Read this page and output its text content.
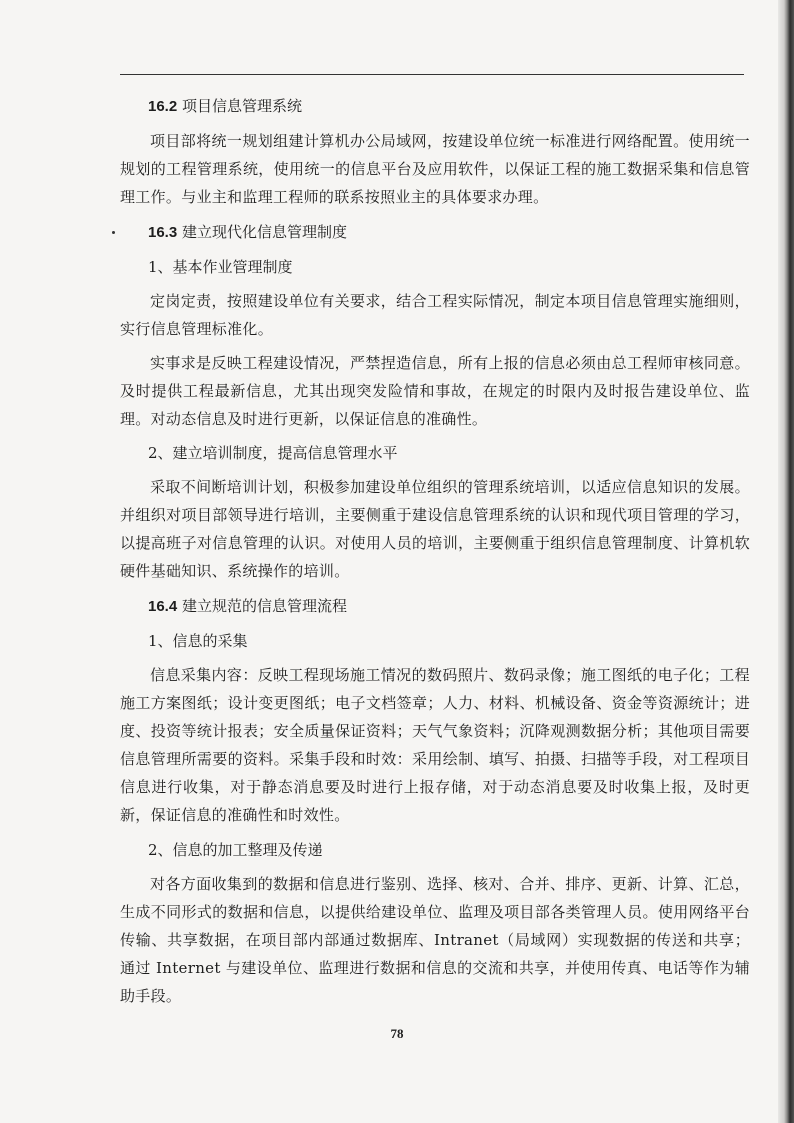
16.2 项目信息管理系统

项目部将统一规划组建计算机办公局域网，按建设单位统一标准进行网络配置。使用统一规划的工程管理系统，使用统一的信息平台及应用软件，以保证工程的施工数据采集和信息管理工作。与业主和监理工程师的联系按照业主的具体要求办理。

16.3 建立现代化信息管理制度

1、基本作业管理制度

定岗定责，按照建设单位有关要求，结合工程实际情况，制定本项目信息管理实施细则，实行信息管理标准化。

实事求是反映工程建设情况，严禁捏造信息，所有上报的信息必须由总工程师审核同意。及时提供工程最新信息，尤其出现突发险情和事故，在规定的时限内及时报告建设单位、监理。对动态信息及时进行更新，以保证信息的准确性。

2、建立培训制度，提高信息管理水平

采取不间断培训计划，积极参加建设单位组织的管理系统培训，以适应信息知识的发展。并组织对项目部领导进行培训，主要侧重于建设信息管理系统的认识和现代项目管理的学习，以提高班子对信息管理的认识。对使用人员的培训，主要侧重于组织信息管理制度、计算机软硬件基础知识、系统操作的培训。

16.4 建立规范的信息管理流程

1、信息的采集

信息采集内容：反映工程现场施工情况的数码照片、数码录像；施工图纸的电子化；工程施工方案图纸；设计变更图纸；电子文档签章；人力、材料、机械设备、资金等资源统计；进度、投资等统计报表；安全质量保证资料；天气气象资料；沉降观测数据分析；其他项目需要信息管理所需要的资料。采集手段和时效：采用绘制、填写、拍摄、扫描等手段，对工程项目信息进行收集，对于静态消息要及时进行上报存储，对于动态消息要及时收集上报，及时更新，保证信息的准确性和时效性。

2、信息的加工整理及传递

对各方面收集到的数据和信息进行鉴别、选择、核对、合并、排序、更新、计算、汇总，生成不同形式的数据和信息，以提供给建设单位、监理及项目部各类管理人员。使用网络平台传输、共享数据，在项目部内部通过数据库、Intranet（局域网）实现数据的传送和共享；通过 Internet 与建设单位、监理进行数据和信息的交流和共享，并使用传真、电话等作为辅助手段。

78
